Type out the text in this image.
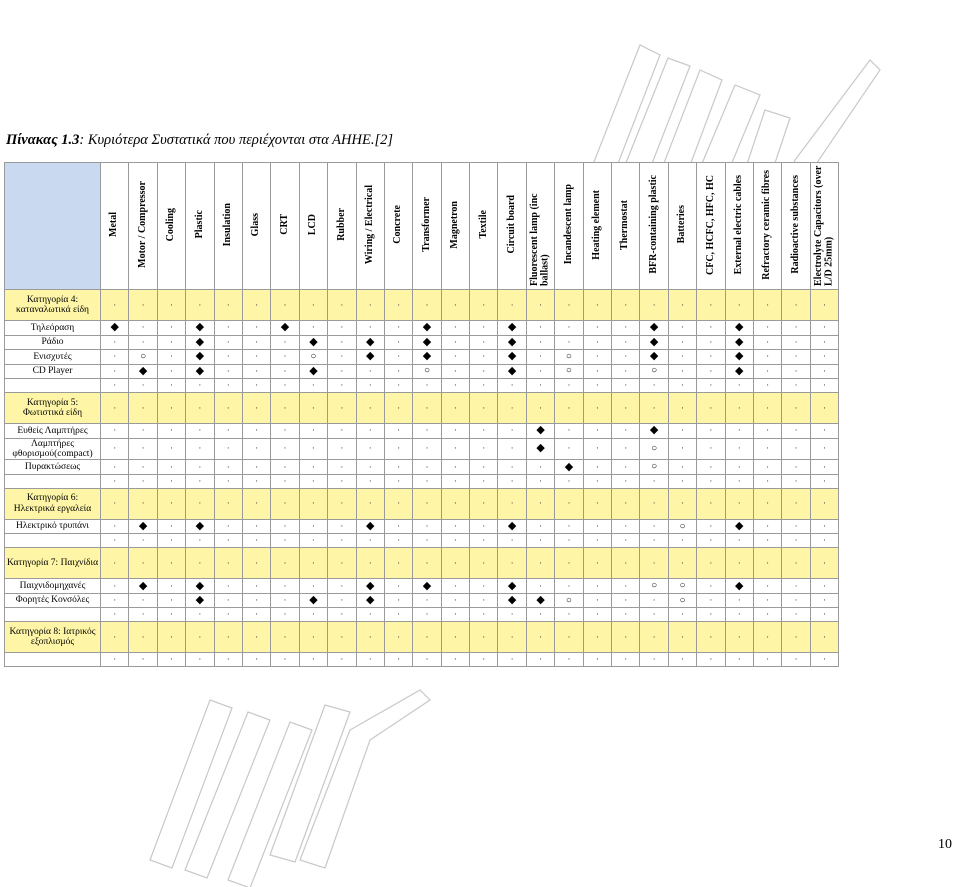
Πίνακας 1.3: Κυριότερα Συστατικά που περιέχονται στα ΑΗΗΕ.[2]
	Metal	Motor / Compressor	Cooling	Plastic	Insulation	Glass	CRT	LCD	Rubber	Wiring / Electrical	Concrete	Transformer	Magnetron	Textile	Circuit board	Fluorescent lamp (inc ballast)	Incandescent lamp	Heating element	Thermostat	BFR-containing plastic	Batteries	CFC, HCFC, HFC, HC	External electric cables	Refractory ceramic fibres	Radioactive substances	Electrolyte Capacitors (over L/D 25mm)
Κατηγορία 4: καταναλωτικά είδη	·	·	·	·	·	·	·	·	·	·	·	·	·	·	·	·	·	·	·	·	·	·	·	·	·	·
Τηλεόραση	◆	·	·	◆	·	·	◆	·	·	·	·	◆	·	·	◆	·	·	·	·	◆	·	·	◆	·	·	·
Ράδιο	·	·	·	◆	·	·	·	◆	·	◆	·	◆	·	·	◆	·	·	·	·	◆	·	·	◆	·	·	·
Ενισχυτές	·	○	·	◆	·	·	·	○	·	◆	·	◆	·	·	◆	·	○	·	·	◆	·	·	◆	·	·	·
CD Player	·	◆	·	◆	·	·	·	◆	·	·	·	○	·	·	◆	·	○	·	·	○	·	·	◆	·	·	·
	·	·	·	·	·	·	·	·	·	·	·	·	·	·	·	·	·	·	·	·	·	·	·	·	·	·
Κατηγορία 5: Φωτιστικά είδη	·	·	·	·	·	·	·	·	·	·	·	·	·	·	·	·	·	·	·	·	·	·	·	·	·	·
Ευθείς Λαμπτήρες	·	·	·	·	·	·	·	·	·	·	·	·	·	·	·	◆	·	·	·	◆	·	·	·	·	·	·
Λαμπτήρες φθορισμού(compact)	·	·	·	·	·	·	·	·	·	·	·	·	·	·	·	◆	·	·	·	○	·	·	·	·	·	·
Πυρακτώσεως	·	·	·	·	·	·	·	·	·	·	·	·	·	·	·	·	◆	·	·	○	·	·	·	·	·	·
	·	·	·	·	·	·	·	·	·	·	·	·	·	·	·	·	·	·	·	·	·	·	·	·	·	·
Κατηγορία 6: Ηλεκτρικά εργαλεία	·	·	·	·	·	·	·	·	·	·	·	·	·	·	·	·	·	·	·	·	·	·	·	·	·	·
Ηλεκτρικό τρυπάνι	·	◆	·	◆	·	·	·	·	·	◆	·	·	·	·	◆	·	·	·	·	·	○	·	◆	·	·	·
	·	·	·	·	·	·	·	·	·	·	·	·	·	·	·	·	·	·	·	·	·	·	·	·	·	·
Κατηγορία 7: Παιχνίδια	·	·	·	·	·	·	·	·	·	·	·	·	·	·	·	·	·	·	·	·	·	·	·	·	·	·
Παιχνιδομηχανές	·	◆	·	◆	·	·	·	·	·	◆	·	◆	·	·	◆	·	·	·	·	○	○	·	◆	·	·	·
Φορητές Κονσόλες	·	·	·	◆	·	·	·	◆	·	◆	·	·	·	·	◆	◆	○	·	·	·	○	·	·	·	·	·
	·	·	·	·	·	·	·	·	·	·	·	·	·	·	·	·	·	·	·	·	·	·	·	·	·	·
Κατηγορία 8: Ιατρικός εξοπλισμός	·	·	·	·	·	·	·	·	·	·	·	·	·	·	·	·	·	·	·	·	·	·	·	·	·	·
	·	·	·	·	·	·	·	·	·	·	·	·	·	·	·	·	·	·	·	·	·	·	·	·	·	·
10
